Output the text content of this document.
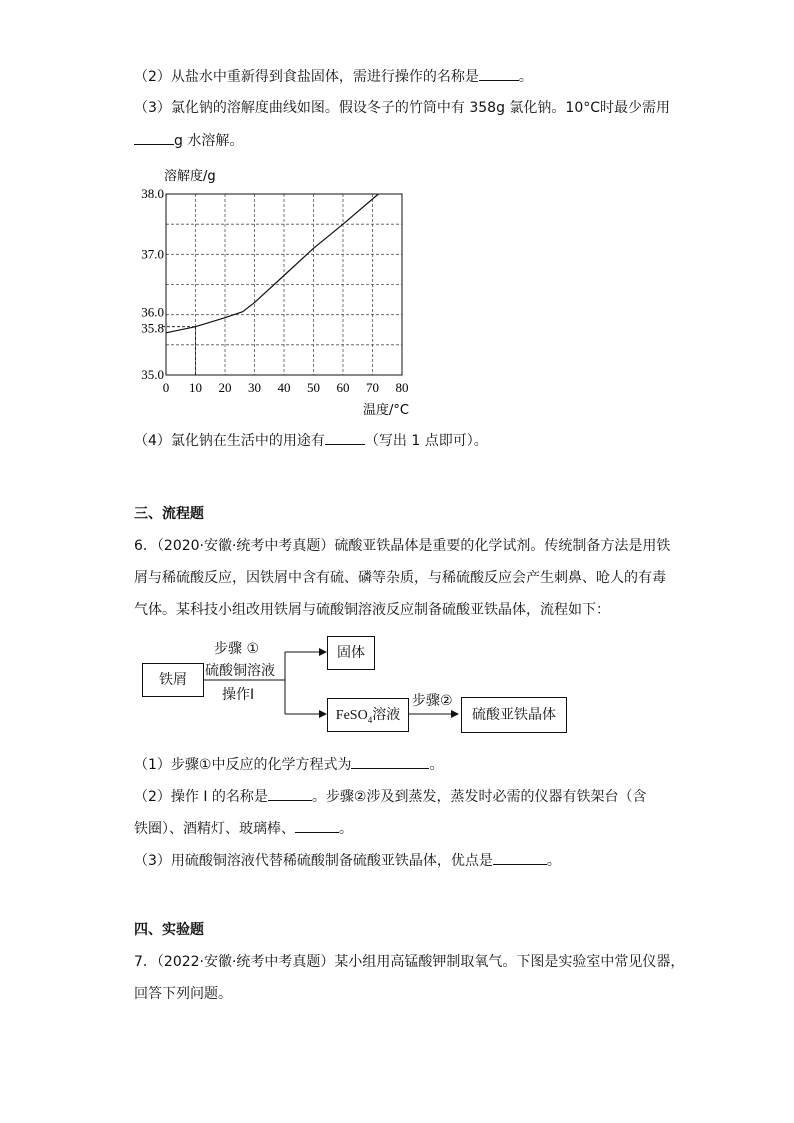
（2）从盐水中重新得到食盐固体，需进行操作的名称是	。
（3）氯化钠的溶解度曲线如图。假设冬子的竹筒中有 358g 氯化钠。10°C时最少需用
g 水溶解。
0 10 20 30 40 50 60 70 80
35.0
35.8
36.0
37.0
38.0
溶解度/g
温度/°C
（4）氯化钠在生活中的用途有	（写出 1 点即可）。
三、流程题
6．（2020·安徽·统考中考真题）硫酸亚铁晶体是重要的化学试剂。传统制备方法是用铁
屑与稀硫酸反应，因铁屑中含有硫、磷等杂质，与稀硫酸反应会产生刺鼻、呛人的有毒
气体。某科技小组改用铁屑与硫酸铜溶液反应制备硫酸亚铁晶体，流程如下：
铁屑
步骤 ①
硫酸铜溶液
操作I
固体
FeSO$_4$溶液
步骤②
硫酸亚铁晶体
（1）步骤①中反应的化学方程式为	。
（2）操作 I 的名称是	。步骤②涉及到蒸发，蒸发时必需的仪器有铁架台（含
铁圈）、酒精灯、玻璃棒、	。
（3）用硫酸铜溶液代替稀硫酸制备硫酸亚铁晶体，优点是	。
四、实验题
7．（2022·安徽·统考中考真题）某小组用高锰酸钾制取氧气。下图是实验室中常见仪器，
回答下列问题。
